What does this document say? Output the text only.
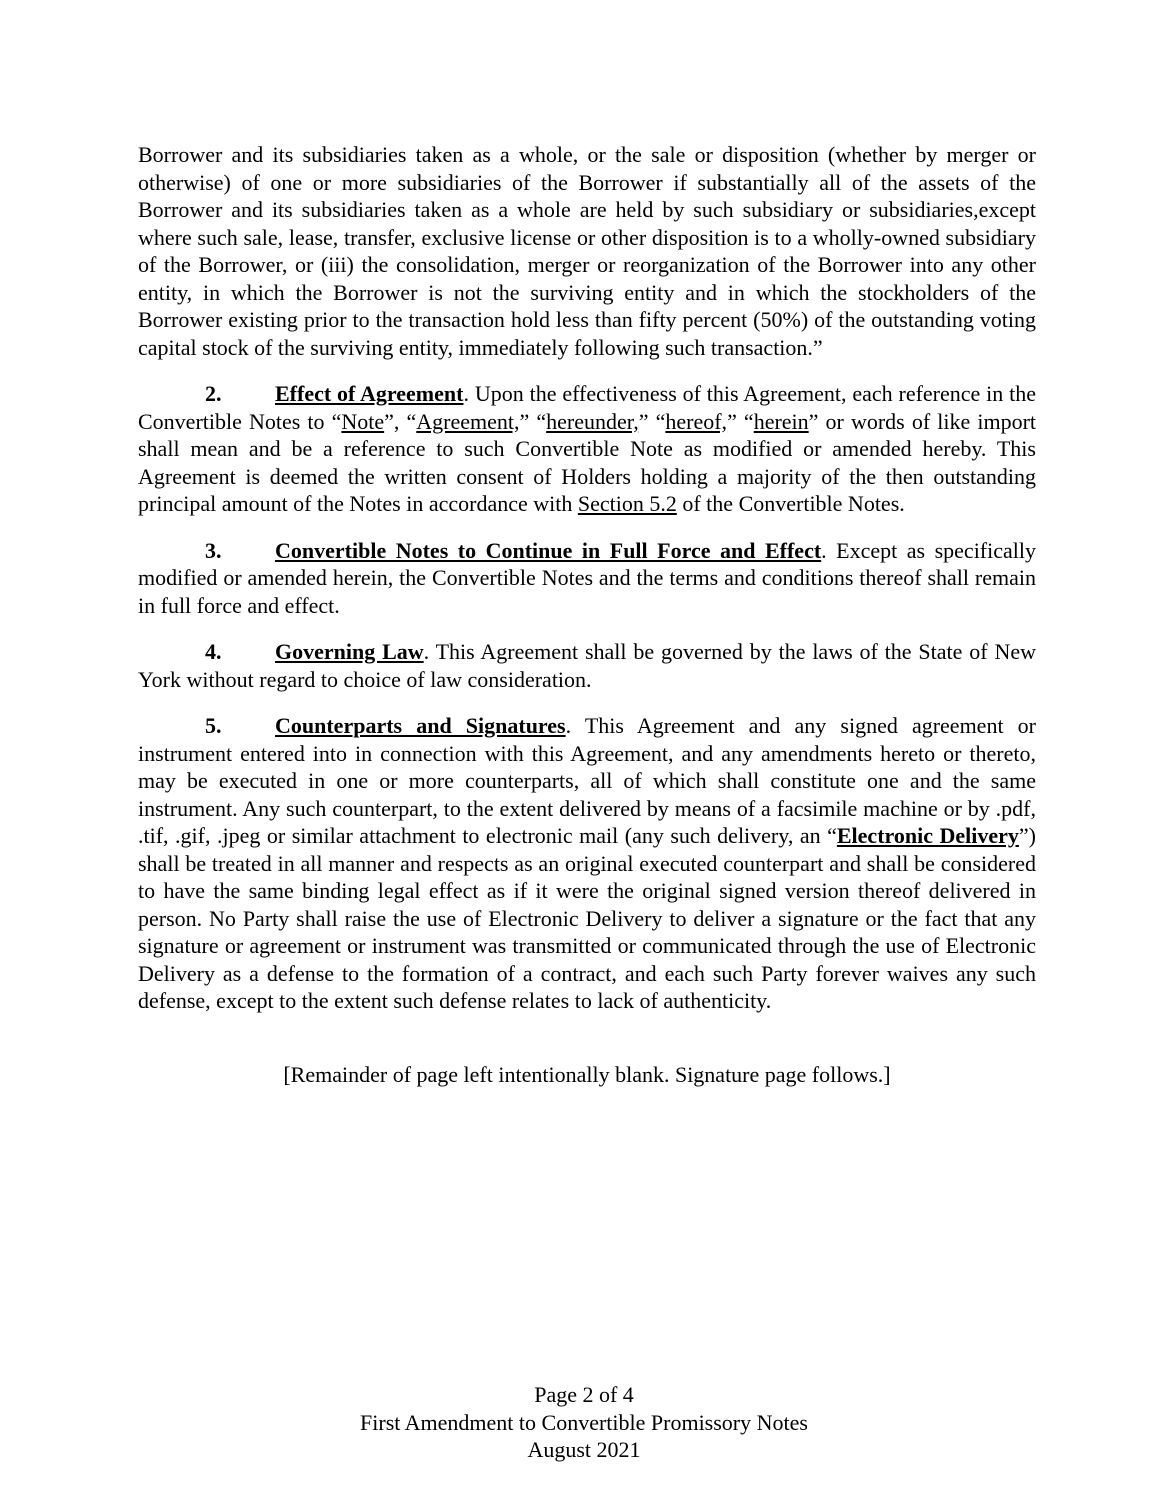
Borrower and its subsidiaries taken as a whole, or the sale or disposition (whether by merger or otherwise) of one or more subsidiaries of the Borrower if substantially all of the assets of the Borrower and its subsidiaries taken as a whole are held by such subsidiary or subsidiaries,except where such sale, lease, transfer, exclusive license or other disposition is to a wholly-owned subsidiary of the Borrower, or (iii) the consolidation, merger or reorganization of the Borrower into any other entity, in which the Borrower is not the surviving entity and in which the stockholders of the Borrower existing prior to the transaction hold less than fifty percent (50%) of the outstanding voting capital stock of the surviving entity, immediately following such transaction.”

2. Effect of Agreement. Upon the effectiveness of this Agreement, each reference in the Convertible Notes to “Note”, “Agreement,” “hereunder,” “hereof,” “herein” or words of like import shall mean and be a reference to such Convertible Note as modified or amended hereby. This Agreement is deemed the written consent of Holders holding a majority of the then outstanding principal amount of the Notes in accordance with Section 5.2 of the Convertible Notes.

3. Convertible Notes to Continue in Full Force and Effect. Except as specifically modified or amended herein, the Convertible Notes and the terms and conditions thereof shall remain in full force and effect.

4. Governing Law. This Agreement shall be governed by the laws of the State of New York without regard to choice of law consideration.

5. Counterparts and Signatures. This Agreement and any signed agreement or instrument entered into in connection with this Agreement, and any amendments hereto or thereto, may be executed in one or more counterparts, all of which shall constitute one and the same instrument. Any such counterpart, to the extent delivered by means of a facsimile machine or by .pdf, .tif, .gif, .jpeg or similar attachment to electronic mail (any such delivery, an “Electronic Delivery”) shall be treated in all manner and respects as an original executed counterpart and shall be considered to have the same binding legal effect as if it were the original signed version thereof delivered in person. No Party shall raise the use of Electronic Delivery to deliver a signature or the fact that any signature or agreement or instrument was transmitted or communicated through the use of Electronic Delivery as a defense to the formation of a contract, and each such Party forever waives any such defense, except to the extent such defense relates to lack of authenticity.

[Remainder of page left intentionally blank. Signature page follows.]

Page 2 of 4
First Amendment to Convertible Promissory Notes
August 2021
